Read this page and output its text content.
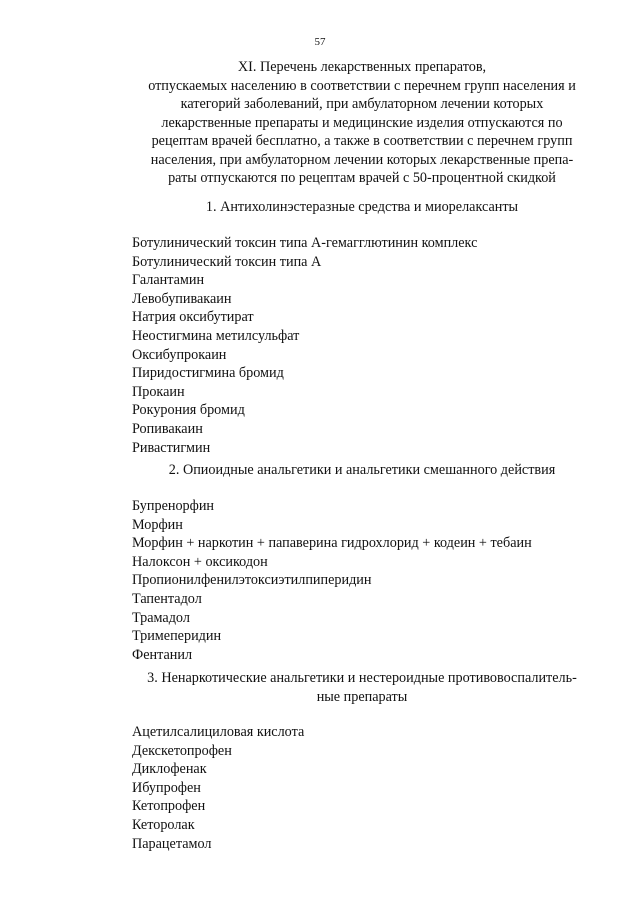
57
XI. Перечень лекарственных препаратов,
отпускаемых населению в соответствии с перечнем групп населения и
категорий заболеваний, при амбулаторном лечении которых
лекарственные препараты и медицинские изделия отпускаются по
рецептам врачей бесплатно, а также в соответствии с перечнем групп
населения, при амбулаторном лечении которых лекарственные препа-
раты отпускаются по рецептам врачей с 50-процентной скидкой
1. Антихолинэстеразные средства и миорелаксанты
Ботулинический токсин типа А-гемагглютинин комплекс
Ботулинический токсин типа А
Галантамин
Левобупивакаин
Натрия оксибутират
Неостигмина метилсульфат
Оксибупрокаин
Пиридостигмина бромид
Прокаин
Рокурония бромид
Ропивакаин
Ривастигмин
2. Опиоидные анальгетики и анальгетики смешанного действия
Бупренорфин
Морфин
Морфин + наркотин + папаверина гидрохлорид + кодеин + тебаин
Налоксон + оксикодон
Пропионилфенилэтоксиэтилпиперидин
Тапентадол
Трамадол
Тримеперидин
Фентанил
3. Ненаркотические анальгетики и нестероидные противовоспалитель-
ные препараты
Ацетилсалициловая кислота
Декскетопрофен
Диклофенак
Ибупрофен
Кетопрофен
Кеторолак
Парацетамол
